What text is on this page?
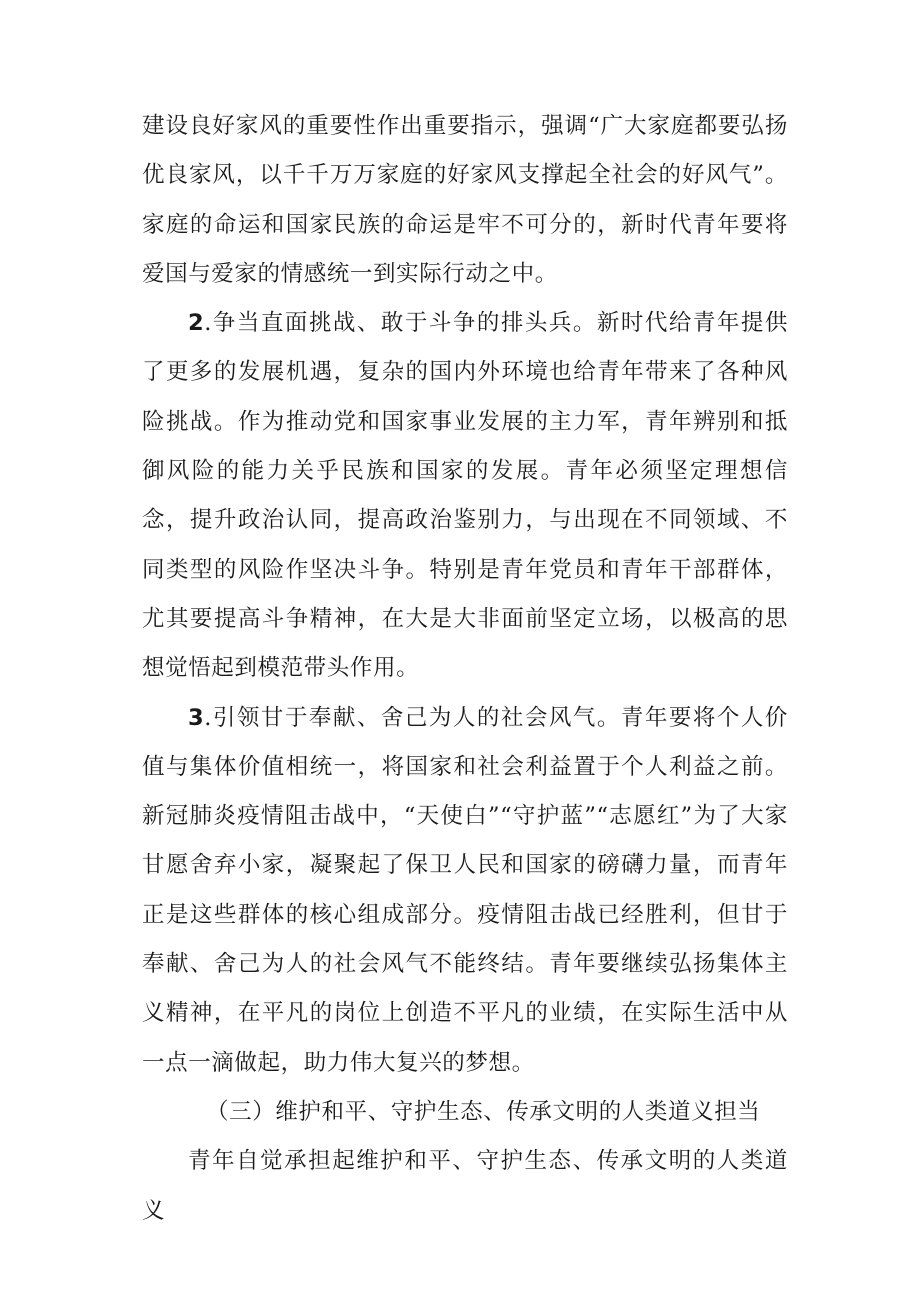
建设良好家风的重要性作出重要指示，强调“广大家庭都要弘扬优良家风，以千千万万家庭的好家风支撑起全社会的好风气”。家庭的命运和国家民族的命运是牢不可分的，新时代青年要将爱国与爱家的情感统一到实际行动之中。

2.争当直面挑战、敢于斗争的排头兵。新时代给青年提供了更多的发展机遇，复杂的国内外环境也给青年带来了各种风险挑战。作为推动党和国家事业发展的主力军，青年辨别和抵御风险的能力关乎民族和国家的发展。青年必须坚定理想信念，提升政治认同，提高政治鉴别力，与出现在不同领域、不同类型的风险作坚决斗争。特别是青年党员和青年干部群体，尤其要提高斗争精神，在大是大非面前坚定立场，以极高的思想觉悟起到模范带头作用。

3.引领甘于奉献、舍己为人的社会风气。青年要将个人价值与集体价值相统一，将国家和社会利益置于个人利益之前。新冠肺炎疫情阻击战中，“天使白”“守护蓝”“志愿红”为了大家甘愿舍弃小家，凝聚起了保卫人民和国家的磅礴力量，而青年正是这些群体的核心组成部分。疫情阻击战已经胜利，但甘于奉献、舍己为人的社会风气不能终结。青年要继续弘扬集体主义精神，在平凡的岗位上创造不平凡的业绩，在实际生活中从一点一滴做起，助力伟大复兴的梦想。

（三）维护和平、守护生态、传承文明的人类道义担当

青年自觉承担起维护和平、守护生态、传承文明的人类道义
